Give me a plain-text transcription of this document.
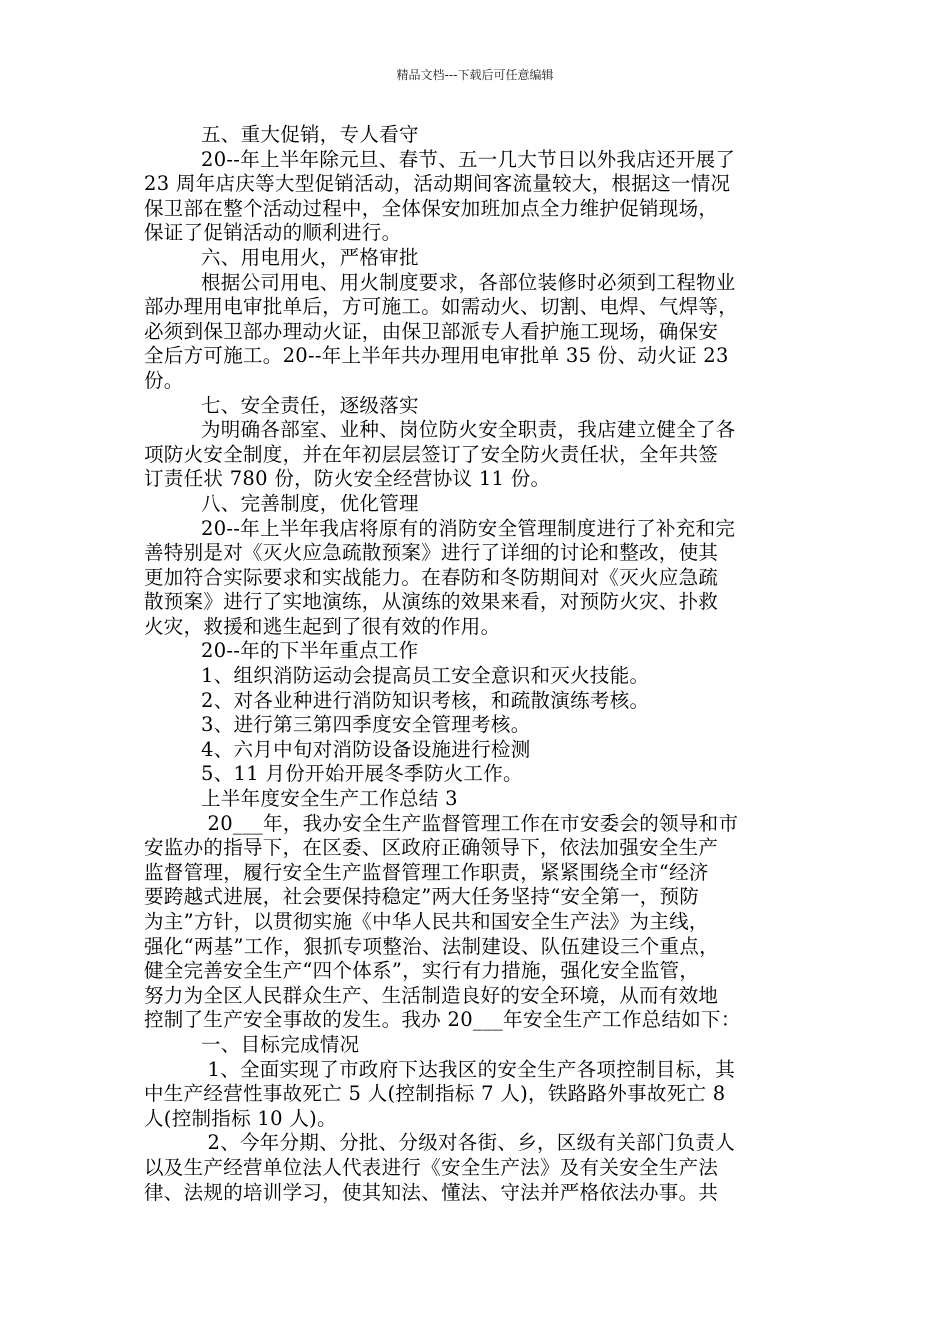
精品文档---下载后可任意编辑
五、重大促销，专人看守
20--年上半年除元旦、春节、五一几大节日以外我店还开展了
23 周年店庆等大型促销活动，活动期间客流量较大，根据这一情况
保卫部在整个活动过程中，全体保安加班加点全力维护促销现场，
保证了促销活动的顺利进行。
六、用电用火，严格审批
根据公司用电、用火制度要求，各部位装修时必须到工程物业
部办理用电审批单后，方可施工。如需动火、切割、电焊、气焊等，
必须到保卫部办理动火证，由保卫部派专人看护施工现场，确保安
全后方可施工。20--年上半年共办理用电审批单 35 份、动火证 23
份。
七、安全责任，逐级落实
为明确各部室、业种、岗位防火安全职责，我店建立健全了各
项防火安全制度，并在年初层层签订了安全防火责任状，全年共签
订责任状 780 份，防火安全经营协议 11 份。
八、完善制度，优化管理
20--年上半年我店将原有的消防安全管理制度进行了补充和完
善特别是对《灭火应急疏散预案》进行了详细的讨论和整改，使其
更加符合实际要求和实战能力。在春防和冬防期间对《灭火应急疏
散预案》进行了实地演练，从演练的效果来看，对预防火灾、扑救
火灾，救援和逃生起到了很有效的作用。
20--年的下半年重点工作
1、组织消防运动会提高员工安全意识和灭火技能。
2、对各业种进行消防知识考核，和疏散演练考核。
3、进行第三第四季度安全管理考核。
4、六月中旬对消防设备设施进行检测
5、11 月份开始开展冬季防火工作。
上半年度安全生产工作总结 3
20___年，我办安全生产监督管理工作在市安委会的领导和市
安监办的指导下，在区委、区政府正确领导下，依法加强安全生产
监督管理，履行安全生产监督管理工作职责，紧紧围绕全市“经济
要跨越式进展，社会要保持稳定”两大任务坚持“安全第一，预防
为主”方针，以贯彻实施《中华人民共和国安全生产法》为主线，
强化“两基”工作，狠抓专项整治、法制建设、队伍建设三个重点，
健全完善安全生产“四个体系”，实行有力措施，强化安全监管，
努力为全区人民群众生产、生活制造良好的安全环境，从而有效地
控制了生产安全事故的发生。我办 20___年安全生产工作总结如下：
一、目标完成情况
1、全面实现了市政府下达我区的安全生产各项控制目标，其
中生产经营性事故死亡 5 人(控制指标 7 人)，铁路路外事故死亡 8
人(控制指标 10 人)。
2、今年分期、分批、分级对各街、乡，区级有关部门负责人
以及生产经营单位法人代表进行《安全生产法》及有关安全生产法
律、法规的培训学习，使其知法、懂法、守法并严格依法办事。共
